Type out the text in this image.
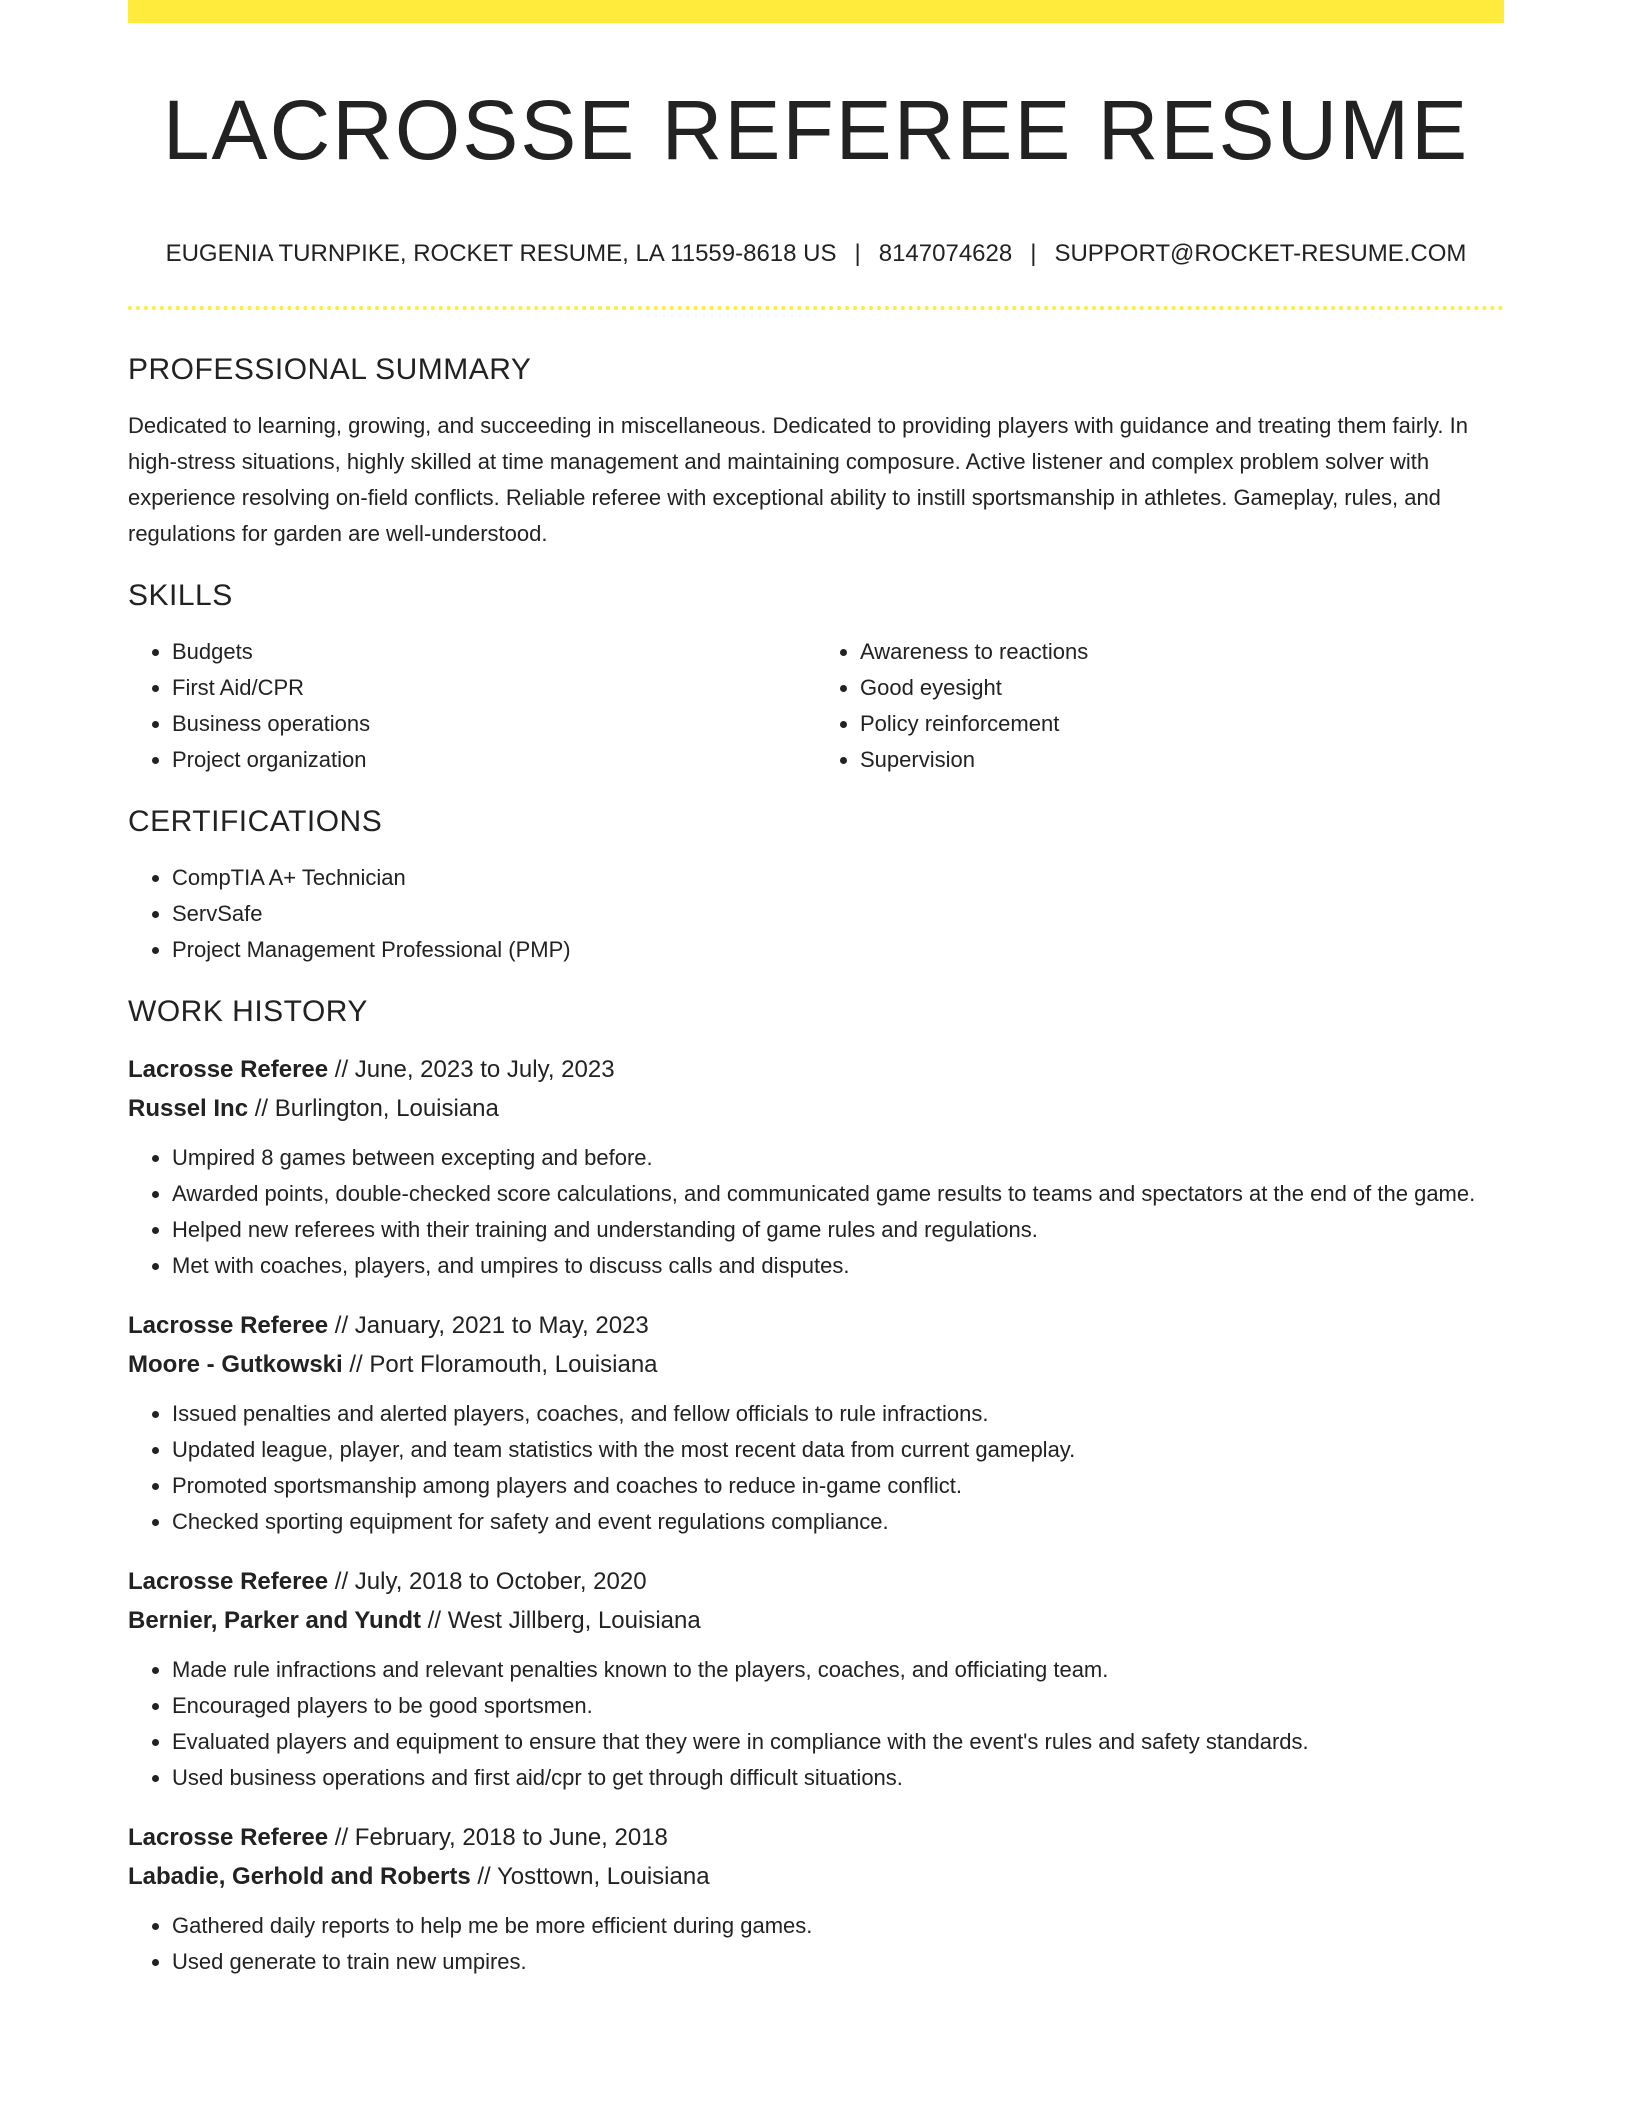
LACROSSE REFEREE RESUME
EUGENIA TURNPIKE, ROCKET RESUME, LA 11559-8618 US | 8147074628 | SUPPORT@ROCKET-RESUME.COM
PROFESSIONAL SUMMARY

Dedicated to learning, growing, and succeeding in miscellaneous. Dedicated to providing players with guidance and treating them fairly. In high-stress situations, highly skilled at time management and maintaining composure. Active listener and complex problem solver with experience resolving on-field conflicts. Reliable referee with exceptional ability to instill sportsmanship in athletes. Gameplay, rules, and regulations for garden are well-understood.

SKILLS
• Budgets
• First Aid/CPR
• Business operations
• Project organization
• Awareness to reactions
• Good eyesight
• Policy reinforcement
• Supervision
CERTIFICATIONS
• CompTIA A+ Technician
• ServSafe
• Project Management Professional (PMP)
WORK HISTORY
Lacrosse Referee // June, 2023 to July, 2023
Russel Inc // Burlington, Louisiana
• Umpired 8 games between excepting and before.
• Awarded points, double-checked score calculations, and communicated game results to teams and spectators at the end of the game.
• Helped new referees with their training and understanding of game rules and regulations.
• Met with coaches, players, and umpires to discuss calls and disputes.
Lacrosse Referee // January, 2021 to May, 2023
Moore - Gutkowski // Port Floramouth, Louisiana
• Issued penalties and alerted players, coaches, and fellow officials to rule infractions.
• Updated league, player, and team statistics with the most recent data from current gameplay.
• Promoted sportsmanship among players and coaches to reduce in-game conflict.
• Checked sporting equipment for safety and event regulations compliance.
Lacrosse Referee // July, 2018 to October, 2020
Bernier, Parker and Yundt // West Jillberg, Louisiana
• Made rule infractions and relevant penalties known to the players, coaches, and officiating team.
• Encouraged players to be good sportsmen.
• Evaluated players and equipment to ensure that they were in compliance with the event's rules and safety standards.
• Used business operations and first aid/cpr to get through difficult situations.
Lacrosse Referee // February, 2018 to June, 2018
Labadie, Gerhold and Roberts // Yosttown, Louisiana
• Gathered daily reports to help me be more efficient during games.
• Used generate to train new umpires.
